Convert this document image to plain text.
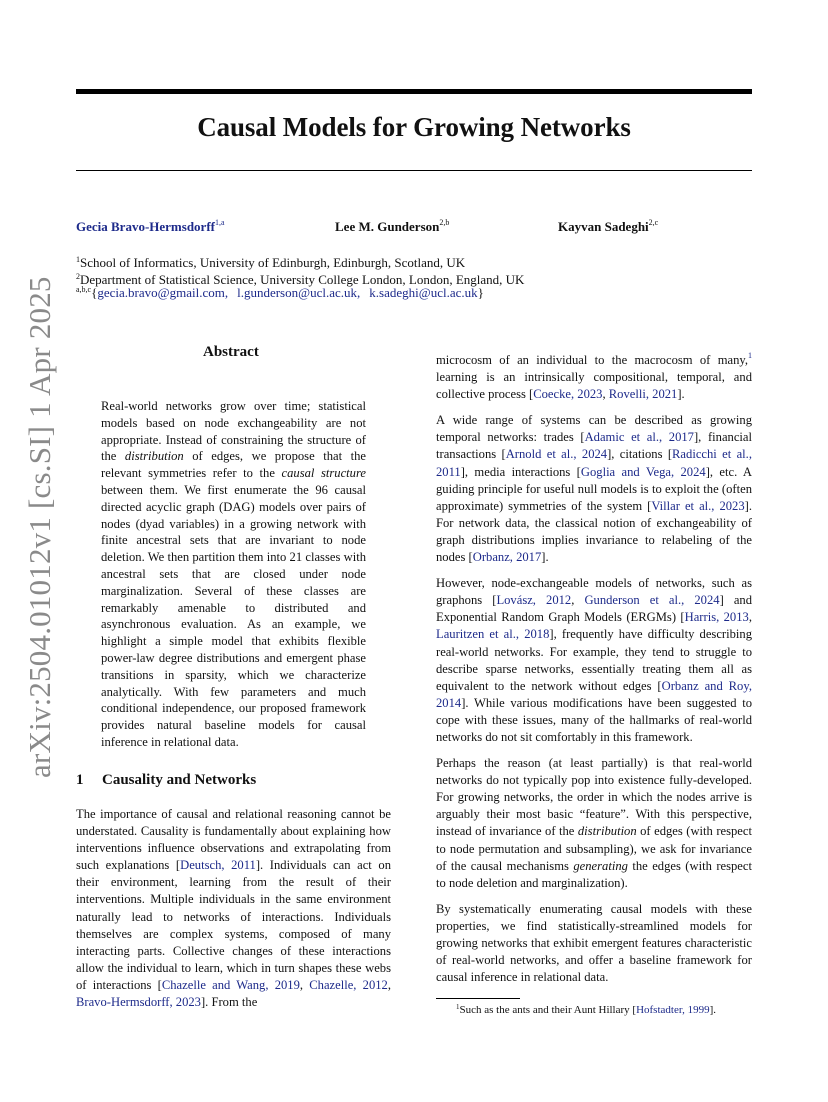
Causal Models for Growing Networks
Gecia Bravo-Hermsdorff$^{1,a}$	Lee M. Gunderson$^{2,b}$	Kayvan Sadeghi$^{2,c}$
$^1$School of Informatics, University of Edinburgh, Edinburgh, Scotland, UK
$^2$Department of Statistical Science, University College London, London, England, UK
$^{a,b,c}${gecia.bravo@gmail.com, l.gunderson@ucl.ac.uk, k.sadeghi@ucl.ac.uk}
arXiv:2504.01012v1 [cs.SI] 1 Apr 2025	Abstract
Real-world networks grow over time; statistical models based on node exchangeability are not appropriate. Instead of constraining the structure of the distribution of edges, we propose that the relevant symmetries refer to the causal structure between them. We first enumerate the 96 causal directed acyclic graph (DAG) models over pairs of nodes (dyad variables) in a growing network with finite ancestral sets that are invariant to node deletion. We then partition them into 21 classes with ancestral sets that are closed under node marginalization. Several of these classes are remarkably amenable to distributed and asynchronous evaluation. As an example, we highlight a simple model that exhibits flexible power-law degree distributions and emergent phase transitions in sparsity, which we characterize analytically. With few parameters and much conditional independence, our proposed framework provides natural baseline models for causal inference in relational data.
1 Causality and Networks

The importance of causal and relational reasoning cannot be understated. Causality is fundamentally about explaining how interventions influence observations and extrapolating from such explanations [Deutsch, 2011]. Individuals can act on their environment, learning from the result of their interventions. Multiple individuals in the same environment naturally lead to networks of interactions. Individuals themselves are complex systems, composed of many interacting parts. Collective changes of these interactions allow the individual to learn, which in turn shapes these webs of interactions [Chazelle and Wang, 2019, Chazelle, 2012, Bravo-Hermsdorff, 2023]. From the

microcosm of an individual to the macrocosm of many,$^1$ learning is an intrinsically compositional, temporal, and collective process [Coecke, 2023, Rovelli, 2021].

A wide range of systems can be described as growing temporal networks: trades [Adamic et al., 2017], financial transactions [Arnold et al., 2024], citations [Radicchi et al., 2011], media interactions [Goglia and Vega, 2024], etc. A guiding principle for useful null models is to exploit the (often approximate) symmetries of the system [Villar et al., 2023]. For network data, the classical notion of exchangeability of graph distributions implies invariance to relabeling of the nodes [Orbanz, 2017].

However, node-exchangeable models of networks, such as graphons [Lovász, 2012, Gunderson et al., 2024] and Exponential Random Graph Models (ERGMs) [Harris, 2013, Lauritzen et al., 2018], frequently have difficulty describing real-world networks. For example, they tend to struggle to describe sparse networks, essentially treating them all as equivalent to the network without edges [Orbanz and Roy, 2014]. While various modifications have been suggested to cope with these issues, many of the hallmarks of real-world networks do not sit comfortably in this framework.

Perhaps the reason (at least partially) is that real-world networks do not typically pop into existence fully-developed. For growing networks, the order in which the nodes arrive is arguably their most basic “feature”. With this perspective, instead of invariance of the distribution of edges (with respect to node permutation and subsampling), we ask for invariance of the causal mechanisms generating the edges (with respect to node deletion and marginalization).

By systematically enumerating causal models with these properties, we find statistically-streamlined models for growing networks that exhibit emergent features characteristic of real-world networks, and offer a baseline framework for causal inference in relational data.

$^1$Such as the ants and their Aunt Hillary [Hofstadter, 1999].
